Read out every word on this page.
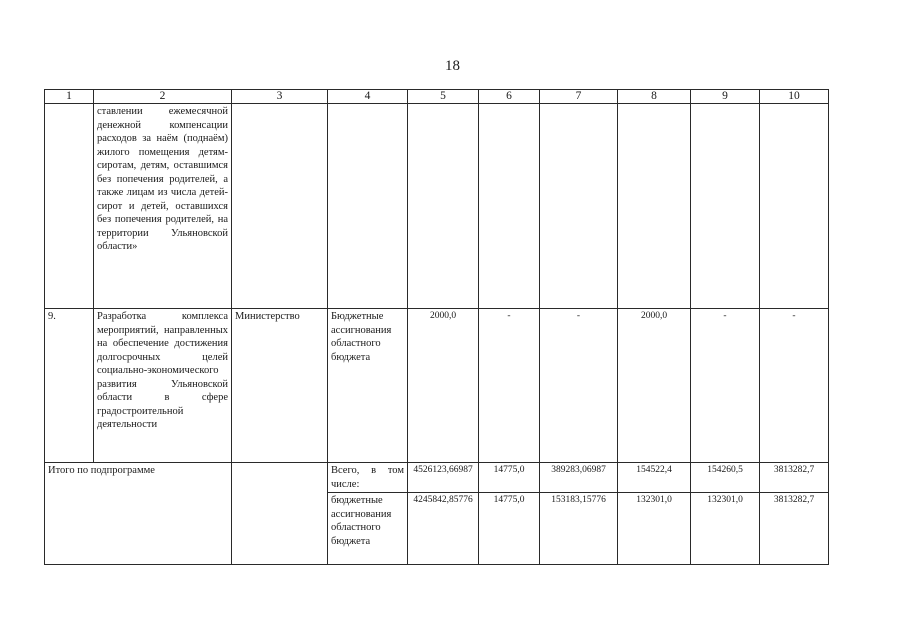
18
1	2	3	4	5	6	7	8	9	10
	ставлении ежемесячной денежной компенсации расходов за наём (поднаём) жилого помещения детям-сиротам, детям, оставшимся без попечения родителей, а также лицам из числа детей-сирот и детей, оставшихся без попечения родителей, на территории Ульяновской области»								
9.	Разработка комплекса мероприятий, направленных на обеспечение достижения долгосрочных целей социально-экономического развития Ульяновской области в сфере градостроительной деятельности	Министерство	Бюджетные ассигнования областного бюджета	2000,0	-	-	2000,0	-	-
Итого по подпрограмме			Всего, в том числе:	4526123,66987	14775,0	389283,06987	154522,4	154260,5	3813282,7
			бюджетные ассигнования областного бюджета	4245842,85776	14775,0	153183,15776	132301,0	132301,0	3813282,7
